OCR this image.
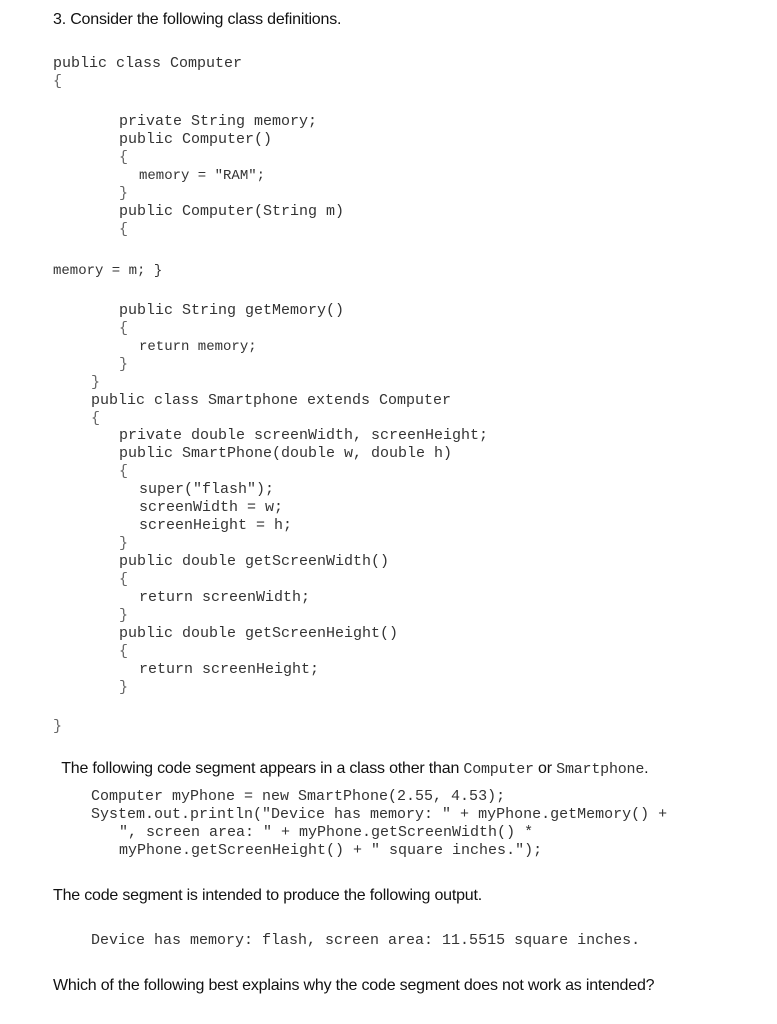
3. Consider the following class definitions.
public class Computer
{
private String memory;
public Computer()
{
memory = "RAM";
}
public Computer(String m)
{
memory = m; }
public String getMemory()
{
return memory;
}
}
public class Smartphone extends Computer
{
private double screenWidth, screenHeight;
public SmartPhone(double w, double h)
{
super("flash");
screenWidth = w;
screenHeight = h;
}
public double getScreenWidth()
{
return screenWidth;
}
public double getScreenHeight()
{
return screenHeight;
}
}

The following code segment appears in a class other than Computer or Smartphone.

Computer myPhone = new SmartPhone(2.55, 4.53);
System.out.println("Device has memory: " + myPhone.getMemory() +
", screen area: " + myPhone.getScreenWidth() *
myPhone.getScreenHeight() + " square inches.");
The code segment is intended to produce the following output.
Device has memory: flash, screen area: 11.5515 square inches.
Which of the following best explains why the code segment does not work as intended?
